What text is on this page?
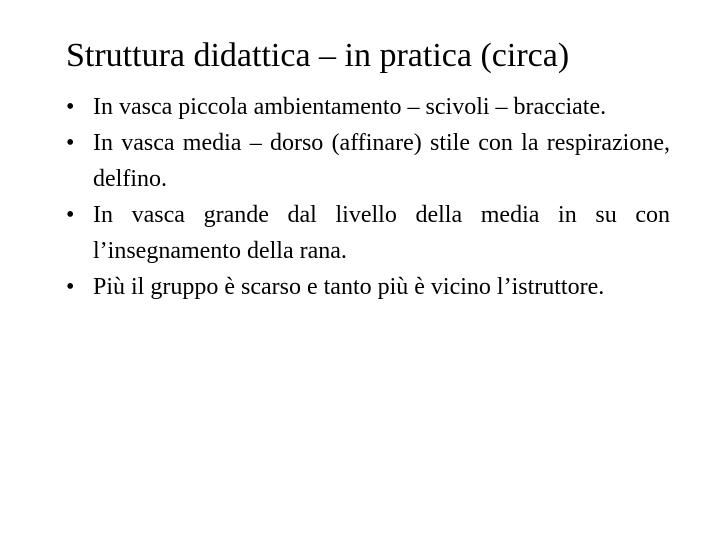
Struttura didattica – in pratica (circa)
• In vasca piccola ambientamento – scivoli – bracciate.
• In vasca media – dorso (affinare) stile con la respirazione, delfino.
• In vasca grande dal livello della media in su con l’insegnamento della rana.
• Più il gruppo è scarso e tanto più è vicino l’istruttore.
